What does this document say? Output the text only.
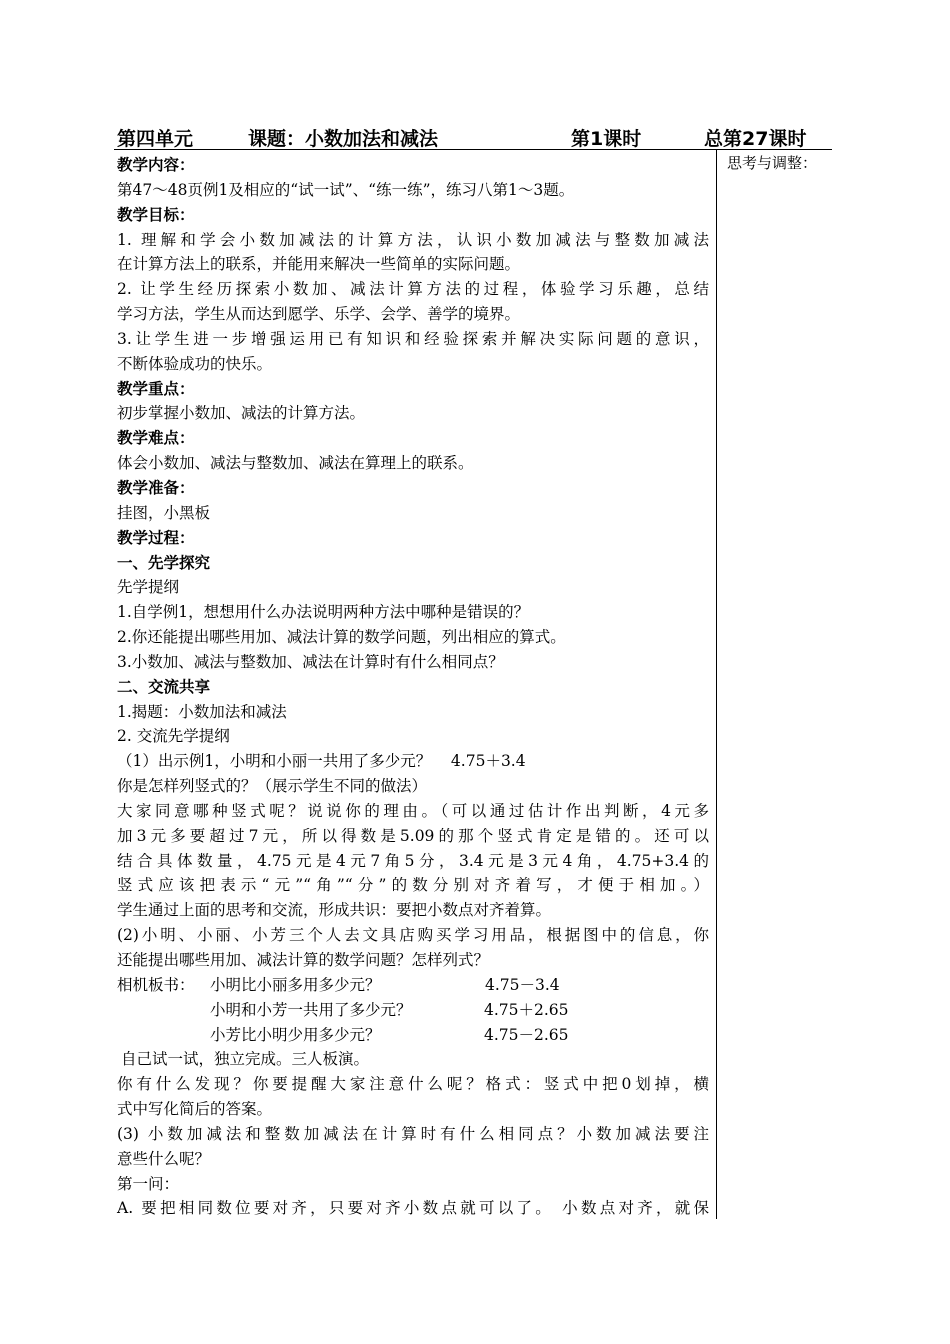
第四单元	课题：小数加法和减法	第1课时	总第27课时
思考与调整：
教学内容：
第47～48页例1及相应的“试一试”、“练一练”，练习八第1～3题。
教学目标：
1. 理解和学会小数加减法的计算方法，认识小数加减法与整数加减法
在计算方法上的联系，并能用来解决一些简单的实际问题。
2. 让学生经历探索小数加、减法计算方法的过程，体验学习乐趣，总结
学习方法，学生从而达到愿学、乐学、会学、善学的境界。
3.让学生进一步增强运用已有知识和经验探索并解决实际问题的意识，
不断体验成功的快乐。
教学重点：
初步掌握小数加、减法的计算方法。
教学难点：
体会小数加、减法与整数加、减法在算理上的联系。
教学准备：
挂图，小黑板
教学过程：
一、先学探究
先学提纲
1.自学例1，想想用什么办法说明两种方法中哪种是错误的？
2.你还能提出哪些用加、减法计算的数学问题，列出相应的算式。
3.小数加、减法与整数加、减法在计算时有什么相同点？
二、交流共享
1.揭题：小数加法和减法
2. 交流先学提纲
（1）出示例1，小明和小丽一共用了多少元？    4.75＋3.4
你是怎样列竖式的？（展示学生不同的做法）
大家同意哪种竖式呢？说说你的理由。（可以通过估计作出判断，4元多
加3元多要超过7元，所以得数是5.09的那个竖式肯定是错的。还可以
结合具体数量，4.75元是4元7角5分，3.4元是3元4角，4.75+3.4的
竖式应该把表示“元”“角”“分”的数分别对齐着写，才便于相加。）
学生通过上面的思考和交流，形成共识：要把小数点对齐着算。
(2)小明、小丽、小芳三个人去文具店购买学习用品，根据图中的信息，你
还能提出哪些用加、减法计算的数学问题？怎样列式？
相机板书： 小明比小丽多用多少元？	4.75－3.4
小明和小芳一共用了多少元？	4.75＋2.65
小芳比小明少用多少元？	4.75－2.65
自己试一试，独立完成。三人板演。
你有什么发现？你要提醒大家注意什么呢？格式：竖式中把0划掉，横
式中写化简后的答案。
(3) 小数加减法和整数加减法在计算时有什么相同点？小数加减法要注
意些什么呢？
第一问：
A. 要把相同数位要对齐，只要对齐小数点就可以了。 小数点对齐，就保
